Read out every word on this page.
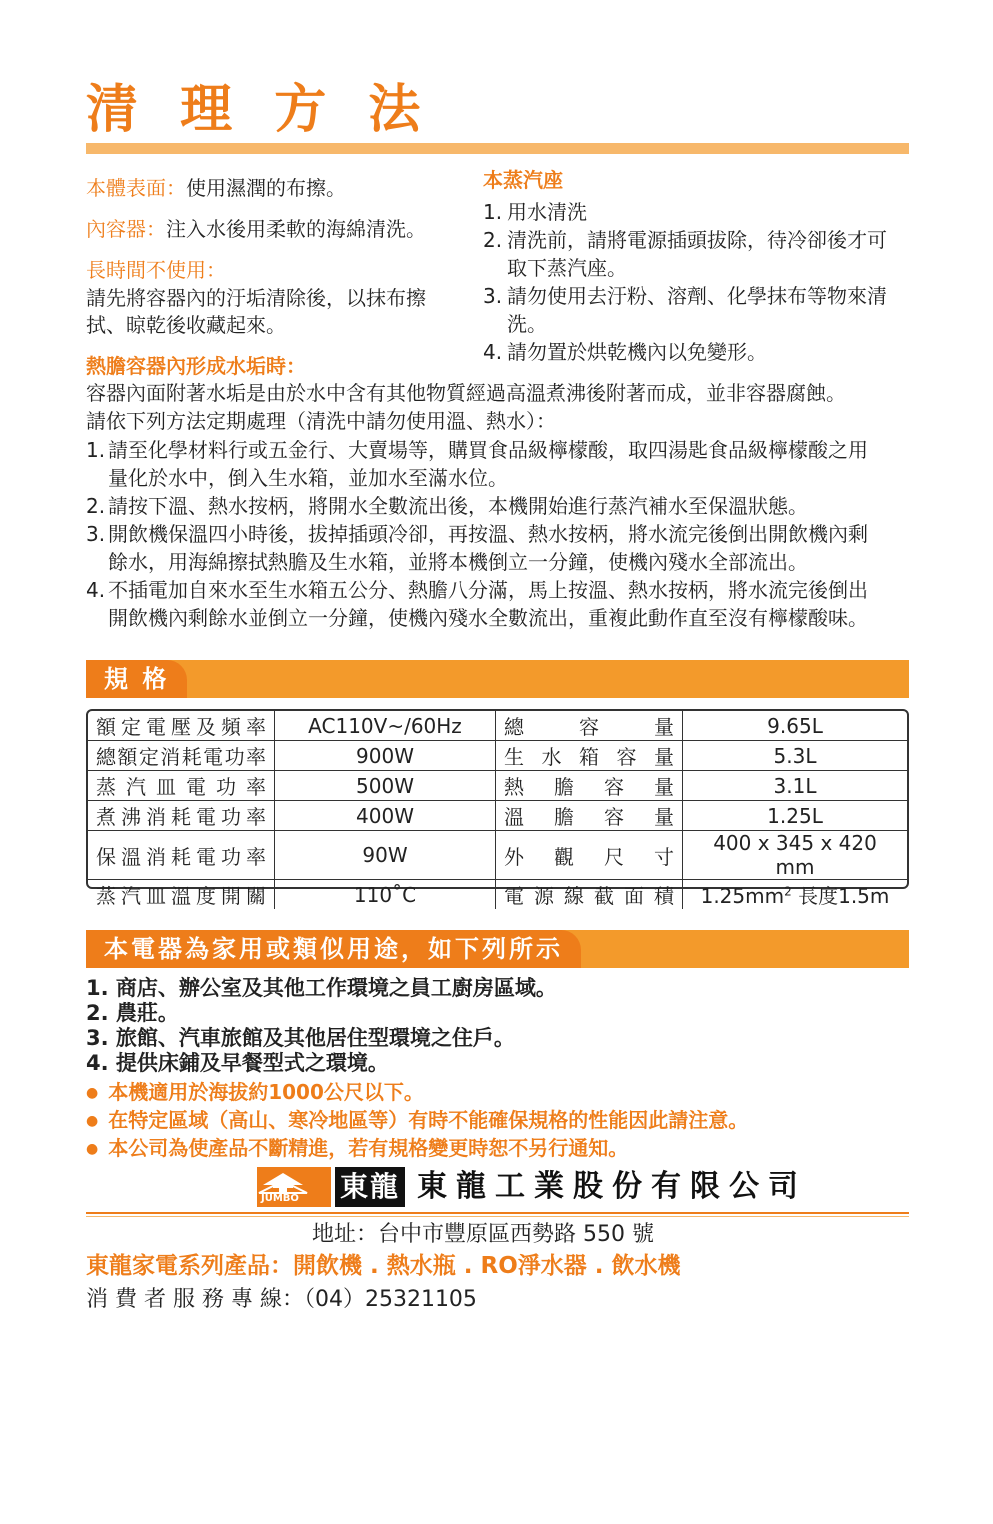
清 理 方 法

本體表面：使用濕潤的布擦。

內容器：注入水後用柔軟的海綿清洗。

長時間不使用：

請先將容器內的汙垢清除後，以抹布擦

拭、晾乾後收藏起來。

本蒸汽座

1. 用水清洗
2. 清洗前，請將電源插頭拔除，待冷卻後才可
取下蒸汽座。
3. 請勿使用去汙粉、溶劑、化學抹布等物來清
洗。
4. 請勿置於烘乾機內以免變形。

熱膽容器內形成水垢時：

容器內面附著水垢是由於水中含有其他物質經過高溫煮沸後附著而成，並非容器腐蝕。

請依下列方法定期處理（清洗中請勿使用溫、熱水）：

1. 請至化學材料行或五金行、大賣場等，購買食品級檸檬酸，取四湯匙食品級檸檬酸之用
量化於水中，倒入生水箱，並加水至滿水位。
2. 請按下溫、熱水按柄，將開水全數流出後，本機開始進行蒸汽補水至保溫狀態。
3. 開飲機保溫四小時後，拔掉插頭冷卻，再按溫、熱水按柄，將水流完後倒出開飲機內剩
餘水，用海綿擦拭熱膽及生水箱，並將本機倒立一分鐘，使機內殘水全部流出。
4. 不插電加自來水至生水箱五公分、熱膽八分滿，馬上按溫、熱水按柄，將水流完後倒出
開飲機內剩餘水並倒立一分鐘，使機內殘水全數流出，重複此動作直至沒有檸檬酸味。
規 格
額定電壓及頻率	AC110V~/60Hz	總容量	9.65L
總額定消耗電功率	900W	生水箱容量	5.3L
蒸汽皿電功率	500W	熱膽容量	3.1L
煮沸消耗電功率	400W	溫膽容量	1.25L
保溫消耗電功率	90W	外觀尺寸	400 x 345 x 420 mm
蒸汽皿溫度開關	110˚C	電源線截面積	$1.25mm^2$ 長度1.5m
本電器為家用或類似用途，如下列所示

1. 商店、辦公室及其他工作環境之員工廚房區域。

2. 農莊。

3. 旅館、汽車旅館及其他居住型環境之住戶。

4. 提供床鋪及早餐型式之環境。

● 本機適用於海拔約1000公尺以下。

● 在特定區域（高山、寒冷地區等）有時不能確保規格的性能因此請注意。

● 本公司為使產品不斷精進，若有規格變更時恕不另行通知。

JUMBO 東龍 東龍工業股份有限公司

地址：台中市豐原區西勢路 550 號

東龍家電系列產品：開飲機 . 熱水瓶 . RO淨水器 . 飲水機

消 費 者 服 務 專 線：（04）25321105
